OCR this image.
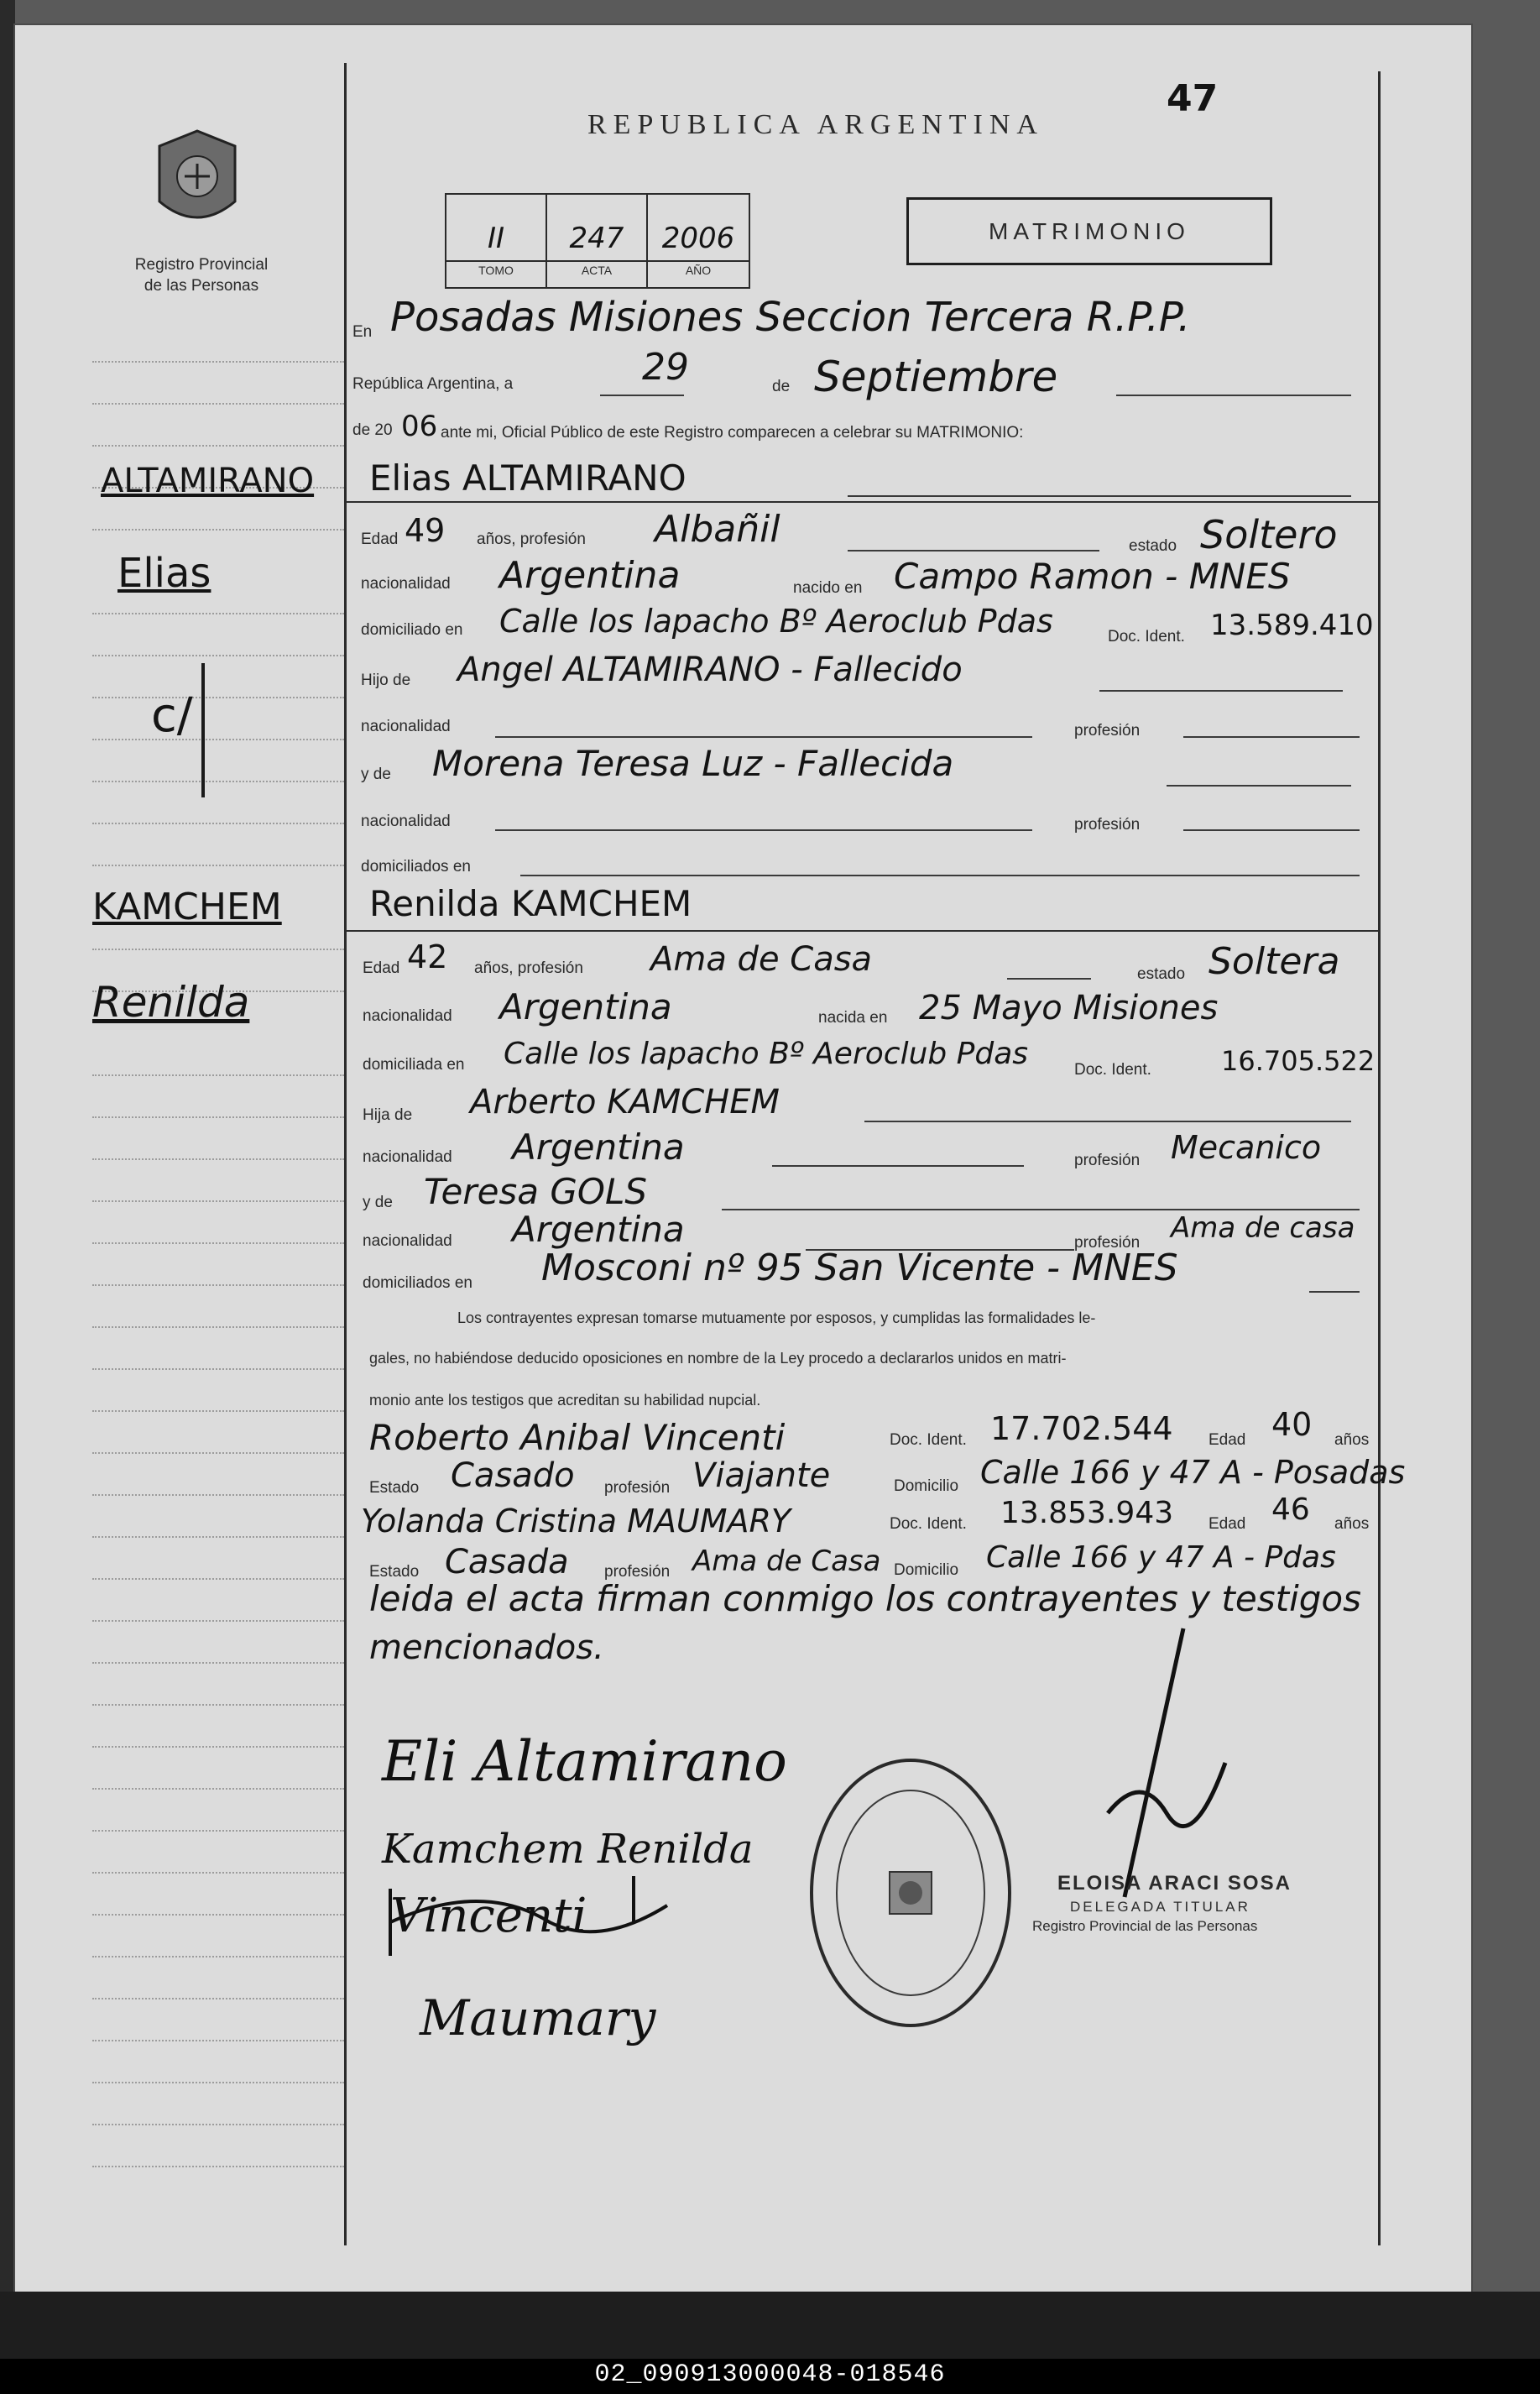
02_090913000048-018546
Registro Provincial
de las Personas
REPUBLICA ARGENTINA
47
II	247	2006
TOMO	ACTA	AÑO
MATRIMONIO
En Posadas Misiones Seccion Tercera R.P.P.
República Argentina, a	29	de Septiembre
de 20 06 ante mi, Oficial Público de este Registro comparecen a celebrar su MATRIMONIO:
ALTAMIRANO
Elias
c/
KAMCHEM
Renilda
Elias ALTAMIRANO
Edad 49 años, profesión Albañil	estado Soltero
nacionalidad Argentina	nacido en Campo Ramon - MNES
domiciliado en Calle los lapacho Bº Aeroclub Pdas	Doc. Ident. 13.589.410
Hijo de Angel ALTAMIRANO - Fallecido
nacionalidad	profesión
y de Morena Teresa Luz - Fallecida
nacionalidad	profesión
domiciliados en
Renilda KAMCHEM
Edad 42 años, profesión Ama de Casa	estado Soltera
nacionalidad Argentina	nacida en 25 Mayo Misiones
domiciliada en Calle los lapacho Bº Aeroclub Pdas	Doc. Ident.	16.705.522
Hija de Arberto KAMCHEM
nacionalidad Argentina	profesión Mecanico
y de Teresa GOLS
nacionalidad Argentina	profesión Ama de casa
domiciliados en Mosconi nº 95 San Vicente - MNES
Los contrayentes expresan tomarse mutuamente por esposos, y cumplidas las formalidades le-
gales, no habiéndose deducido oposiciones en nombre de la Ley procedo a declararlos unidos en matri-
monio ante los testigos que acreditan su habilidad nupcial.
Roberto Anibal Vincenti	Doc. Ident. 17.702.544 Edad 40 años
Estado Casado profesión Viajante	Domicilio Calle 166 y 47 A - Posadas
Yolanda Cristina MAUMARY	Doc. Ident. 13.853.943 Edad 46 años
Estado Casada profesión Ama de Casa Domicilio Calle 166 y 47 A - Pdas
leida el acta firman conmigo los contrayentes y testigos
mencionados.
Eli Altamirano
Kamchem Renilda
Vincenti
Maumary
ELOISA ARACI SOSA
DELEGADA TITULAR
Registro Provincial de las Personas
